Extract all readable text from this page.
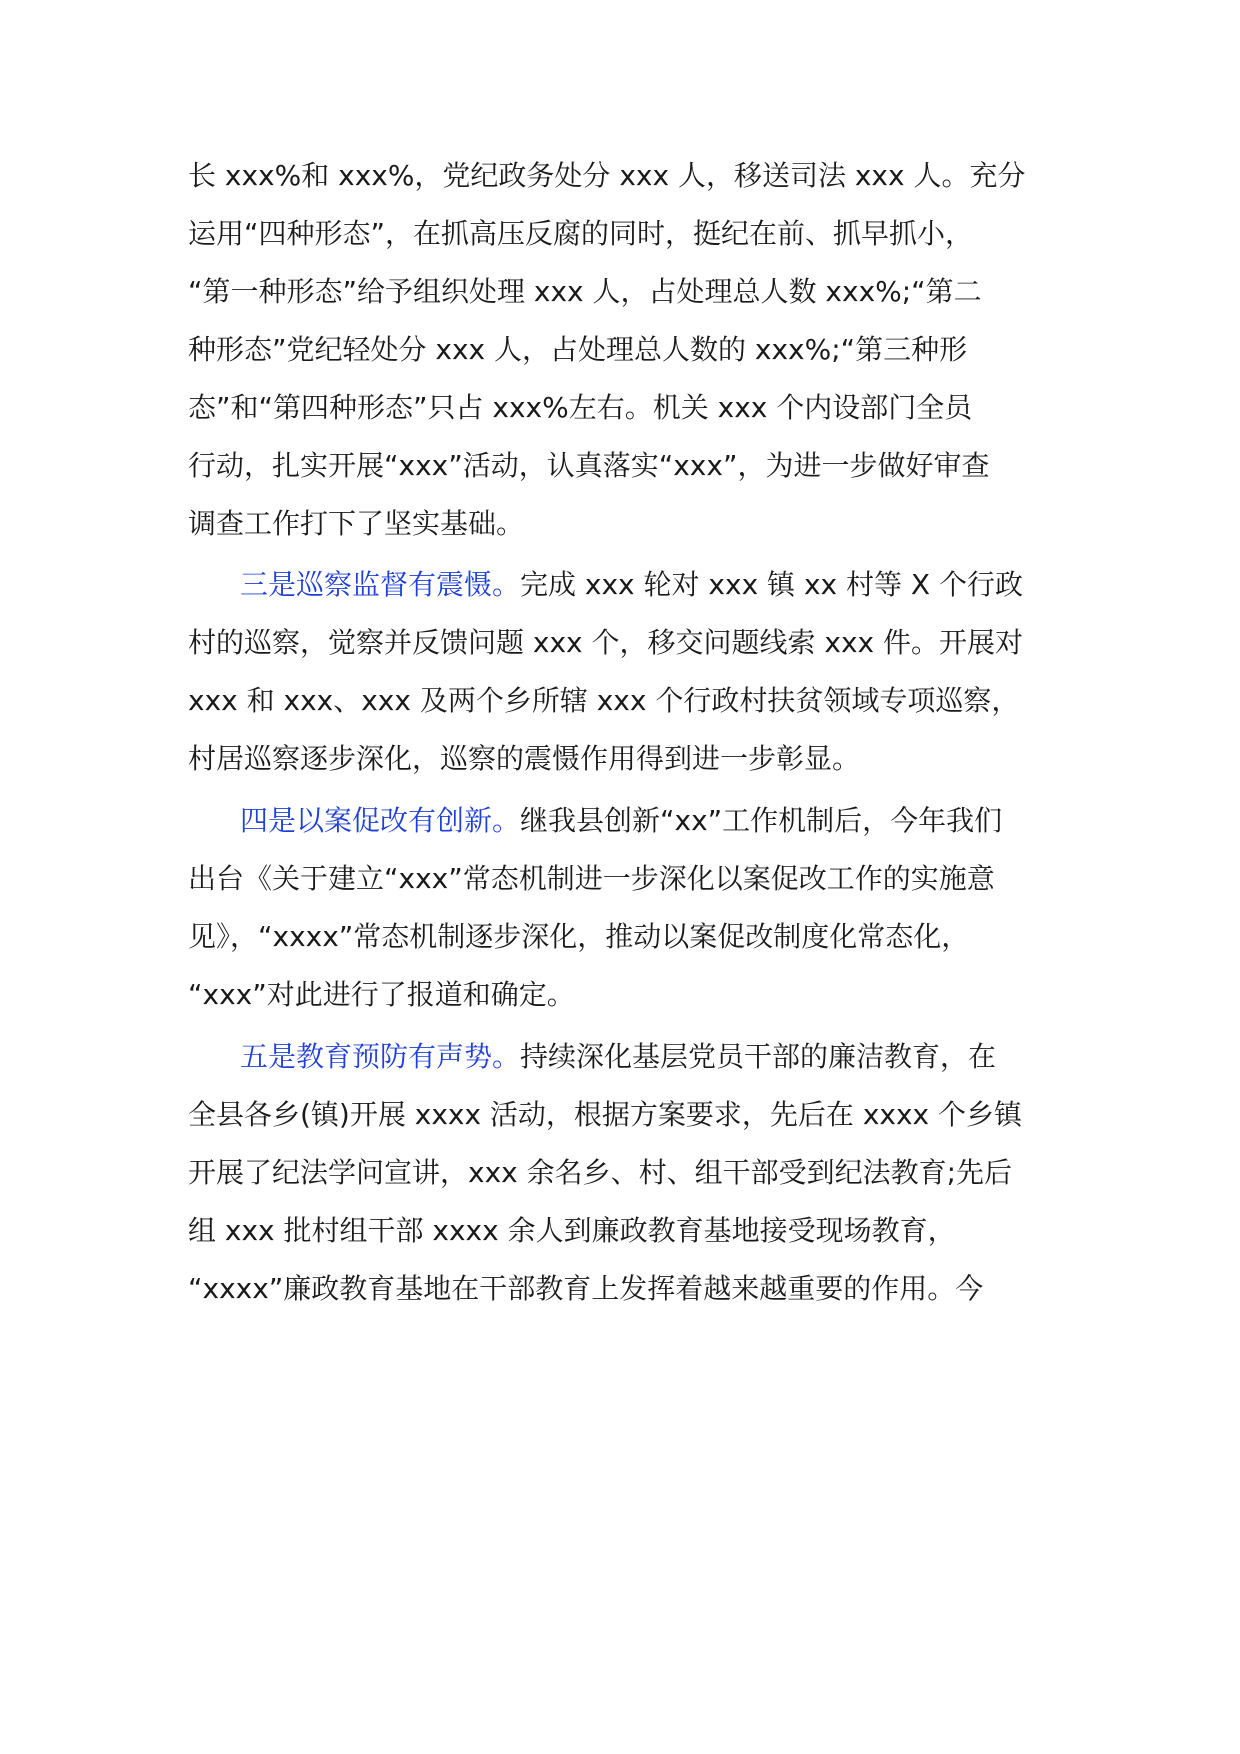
长 xxx%和 xxx%，党纪政务处分 xxx 人，移送司法 xxx 人。充分
运用“四种形态”，在抓高压反腐的同时，挺纪在前、抓早抓小，
“第一种形态”给予组织处理 xxx 人，占处理总人数 xxx%;“第二
种形态”党纪轻处分 xxx 人，占处理总人数的 xxx%;“第三种形
态”和“第四种形态”只占 xxx%左右。机关 xxx 个内设部门全员
行动，扎实开展“xxx”活动，认真落实“xxx”，为进一步做好审查
调查工作打下了坚实基础。
三是巡察监督有震慑。完成 xxx 轮对 xxx 镇 xx 村等 X 个行政
村的巡察，觉察并反馈问题 xxx 个，移交问题线索 xxx 件。开展对
xxx 和 xxx、xxx 及两个乡所辖 xxx 个行政村扶贫领域专项巡察，
村居巡察逐步深化，巡察的震慑作用得到进一步彰显。
四是以案促改有创新。继我县创新“xx”工作机制后，今年我们
出台《关于建立“xxx”常态机制进一步深化以案促改工作的实施意
见》，“xxxx”常态机制逐步深化，推动以案促改制度化常态化，
“xxx”对此进行了报道和确定。
五是教育预防有声势。持续深化基层党员干部的廉洁教育，在
全县各乡(镇)开展 xxxx 活动，根据方案要求，先后在 xxxx 个乡镇
开展了纪法学问宣讲，xxx 余名乡、村、组干部受到纪法教育;先后
组 xxx 批村组干部 xxxx 余人到廉政教育基地接受现场教育，
“xxxx”廉政教育基地在干部教育上发挥着越来越重要的作用。今
